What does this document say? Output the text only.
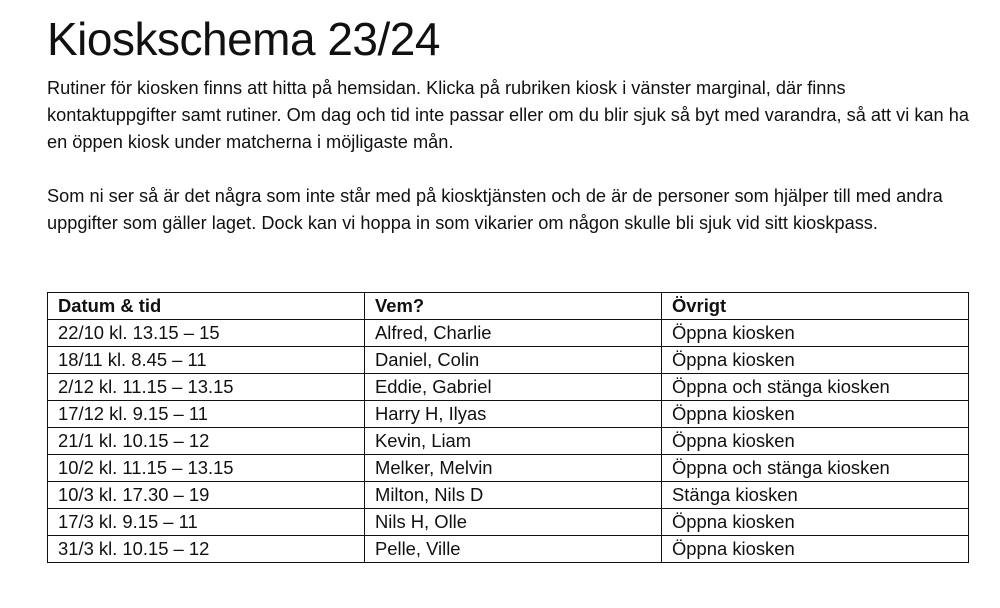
Kioskschema 23/24

Rutiner för kiosken finns att hitta på hemsidan. Klicka på rubriken kiosk i vänster marginal, där finns kontaktuppgifter samt rutiner. Om dag och tid inte passar eller om du blir sjuk så byt med varandra, så att vi kan ha en öppen kiosk under matcherna i möjligaste mån.

Som ni ser så är det några som inte står med på kiosktjänsten och de är de personer som hjälper till med andra uppgifter som gäller laget. Dock kan vi hoppa in som vikarier om någon skulle bli sjuk vid sitt kioskpass.

Datum & tid	Vem?	Övrigt
22/10 kl. 13.15 – 15	Alfred, Charlie	Öppna kiosken
18/11 kl. 8.45 – 11	Daniel, Colin	Öppna kiosken
2/12 kl. 11.15 – 13.15	Eddie, Gabriel	Öppna och stänga kiosken
17/12 kl. 9.15 – 11	Harry H, Ilyas	Öppna kiosken
21/1 kl. 10.15 – 12	Kevin, Liam	Öppna kiosken
10/2 kl. 11.15 – 13.15	Melker, Melvin	Öppna och stänga kiosken
10/3 kl. 17.30 – 19	Milton, Nils D	Stänga kiosken
17/3 kl. 9.15 – 11	Nils H, Olle	Öppna kiosken
31/3 kl. 10.15 – 12	Pelle, Ville	Öppna kiosken
